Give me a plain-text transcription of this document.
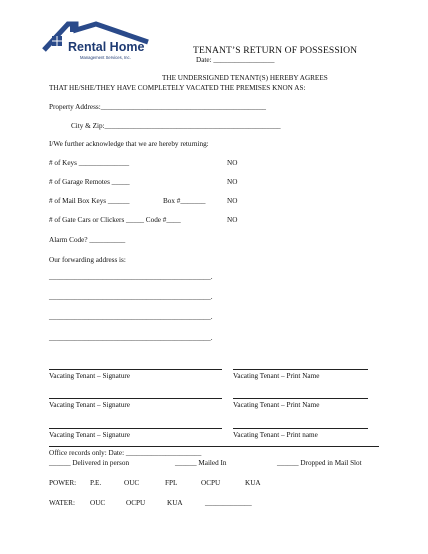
Rental Home
Management Services, Inc.
TENANT’S RETURN OF POSSESSION
Date: _________________
THE UNDERSIGNED TENANT(S) HEREBY AGREES
THAT HE/SHE/THEY HAVE COMPLETELY VACATED THE PREMISES KNON AS:
Property Address:______________________________________________
City & Zip:_________________________________________________
I/We further acknowledge that we are hereby returning:
# of Keys ______________	NO
# of Garage Remotes _____	NO
# of Mail Box Keys ______	Box #_______	NO
# of Gate Cars or Clickers _____ Code #____	NO
Alarm Code? __________
Our forwarding address is:
_____________________________________________.
_____________________________________________.
_____________________________________________.
_____________________________________________.
Vacating Tenant – Signature	Vacating Tenant – Print Name
Vacating Tenant – Signature	Vacating Tenant – Print Name
Vacating Tenant – Signature	Vacating Tenant – Print name
Office records only: Date: _____________________
______ Delivered in person	______ Mailed In	______ Dropped in Mail Slot
POWER: P.E.	OUC	FPL	OCPU	KUA
WATER: OUC	OCPU	KUA	_____________
